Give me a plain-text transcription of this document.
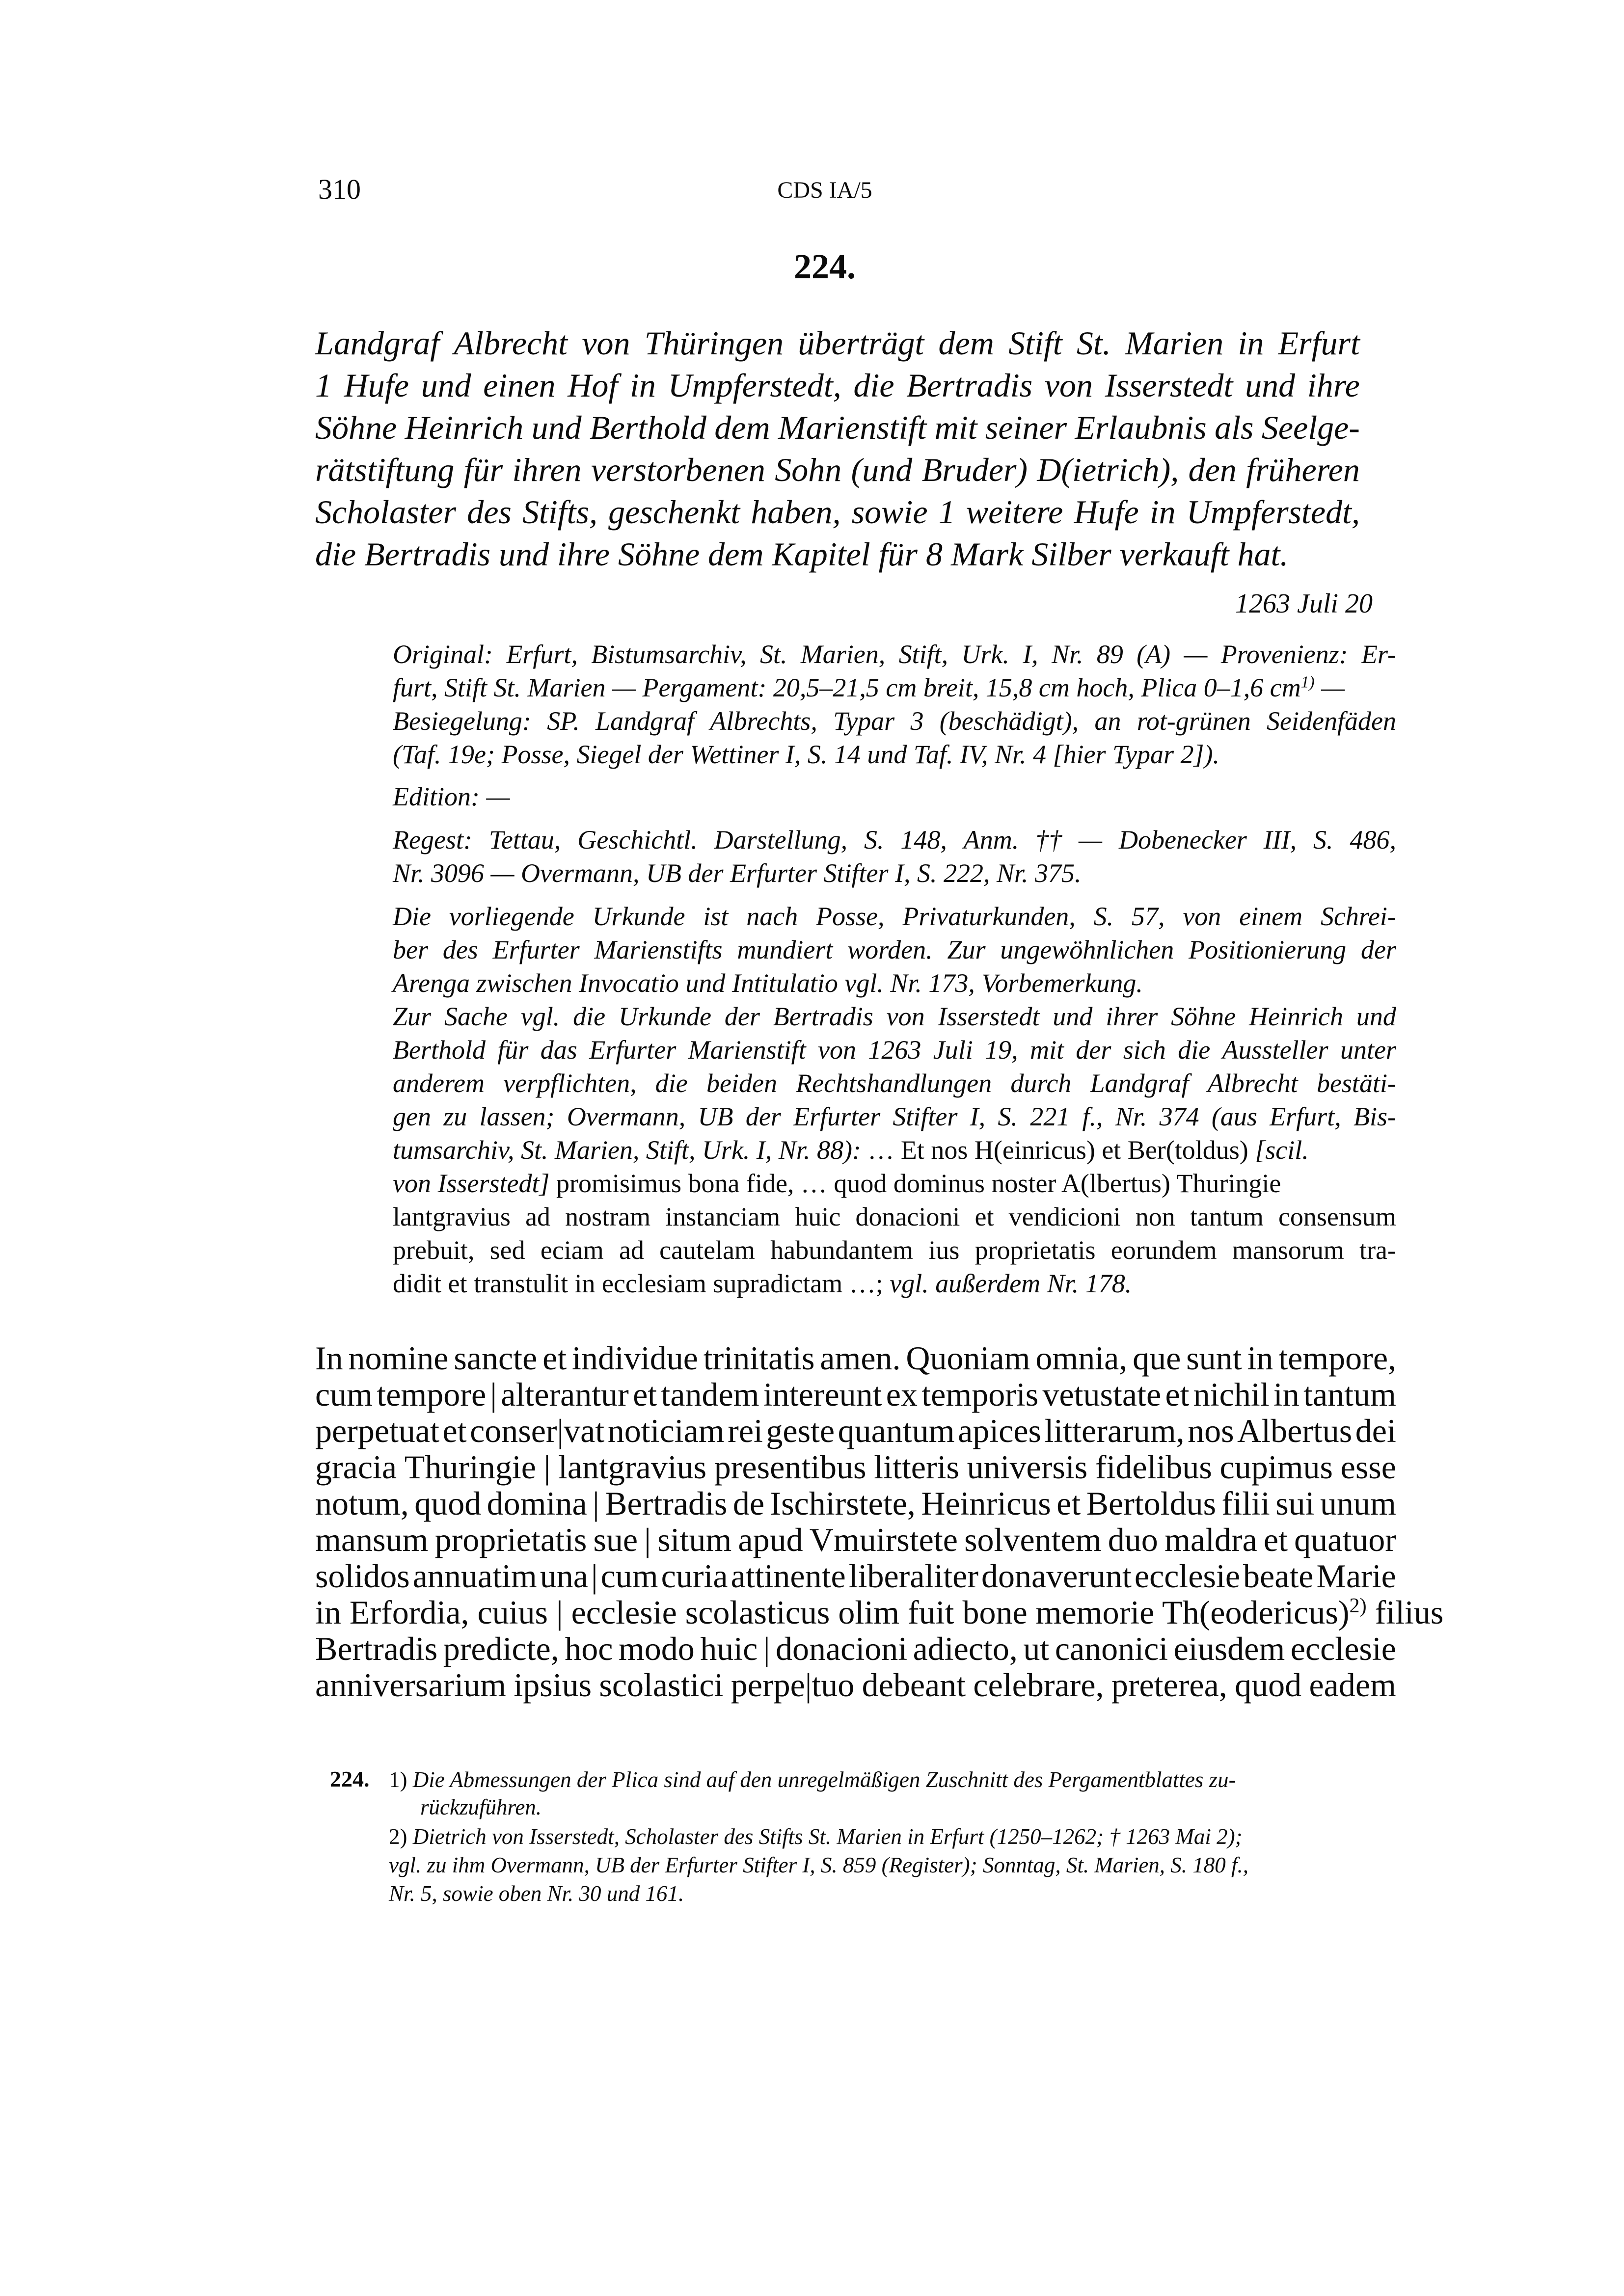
310	CDS IA/5
224.
Landgraf Albrecht von Thüringen überträgt dem Stift St. Marien in Erfurt
1 Hufe und einen Hof in Umpferstedt, die Bertradis von Isserstedt und ihre
Söhne Heinrich und Berthold dem Marienstift mit seiner Erlaubnis als Seelge-
rätstiftung für ihren verstorbenen Sohn (und Bruder) D(ietrich), den früheren
Scholaster des Stifts, geschenkt haben, sowie 1 weitere Hufe in Umpferstedt,
die Bertradis und ihre Söhne dem Kapitel für 8 Mark Silber verkauft hat.
1263 Juli 20
Original: Erfurt, Bistumsarchiv, St. Marien, Stift, Urk. I, Nr. 89 (A) — Provenienz: Er-
furt, Stift St. Marien — Pergament: 20,5–21,5 cm breit, 15,8 cm hoch, Plica 0–1,6 $cm^{1)}$ —
Besiegelung: SP. Landgraf Albrechts, Typar 3 (beschädigt), an rot-grünen Seidenfäden
(Taf. 19e; Posse, Siegel der Wettiner I, S. 14 und Taf. IV, Nr. 4 [hier Typar 2]).
Edition: —
Regest: Tettau, Geschichtl. Darstellung, S. 148, Anm. †† — Dobenecker III, S. 486,
Nr. 3096 — Overmann, UB der Erfurter Stifter I, S. 222, Nr. 375.
Die vorliegende Urkunde ist nach Posse, Privaturkunden, S. 57, von einem Schrei-
ber des Erfurter Marienstifts mundiert worden. Zur ungewöhnlichen Positionierung der
Arenga zwischen Invocatio und Intitulatio vgl. Nr. 173, Vorbemerkung.
Zur Sache vgl. die Urkunde der Bertradis von Isserstedt und ihrer Söhne Heinrich und
Berthold für das Erfurter Marienstift von 1263 Juli 19, mit der sich die Aussteller unter
anderem verpflichten, die beiden Rechtshandlungen durch Landgraf Albrecht bestäti-
gen zu lassen; Overmann, UB der Erfurter Stifter I, S. 221 f., Nr. 374 (aus Erfurt, Bis-
tumsarchiv, St. Marien, Stift, Urk. I, Nr. 88): … Et nos H(einricus) et Ber(toldus) [scil.
von Isserstedt] promisimus bona fide, … quod dominus noster A(lbertus) Thuringie
lantgravius ad nostram instanciam huic donacioni et vendicioni non tantum consensum
prebuit, sed eciam ad cautelam habundantem ius proprietatis eorundem mansorum tra-
didit et transtulit in ecclesiam supradictam …; vgl. außerdem Nr. 178.
In nomine sancte et individue trinitatis amen. Quoniam omnia, que sunt in tempore,
cum tempore | alterantur et tandem intereunt ex temporis vetustate et nichil in tantum
perpetuat et conser|vat noticiam rei geste quantum apices litterarum, nos Albertus dei
gracia Thuringie | lantgravius presentibus litteris universis fidelibus cupimus esse
notum, quod domina | Bertradis de Ischirstete, Heinricus et Bertoldus filii sui unum
mansum proprietatis sue | situm apud Vmuirstete solventem duo maldra et quatuor
solidos annuatim una | cum curia attinente liberaliter donaverunt ecclesie beate Marie
in Erfordia, cuius | ecclesie scolasticus olim fuit bone memorie Th(eodericus)$^{2)}$ filius
Bertradis predicte, hoc modo huic | donacioni adiecto, ut canonici eiusdem ecclesie
anniversarium ipsius scolastici perpe|tuo debeant celebrare, preterea, quod eadem
224. 1) Die Abmessungen der Plica sind auf den unregelmäßigen Zuschnitt des Pergamentblattes zu-
rückzuführen.
2) Dietrich von Isserstedt, Scholaster des Stifts St. Marien in Erfurt (1250–1262; † 1263 Mai 2);
vgl. zu ihm Overmann, UB der Erfurter Stifter I, S. 859 (Register); Sonntag, St. Marien, S. 180 f.,
Nr. 5, sowie oben Nr. 30 und 161.
